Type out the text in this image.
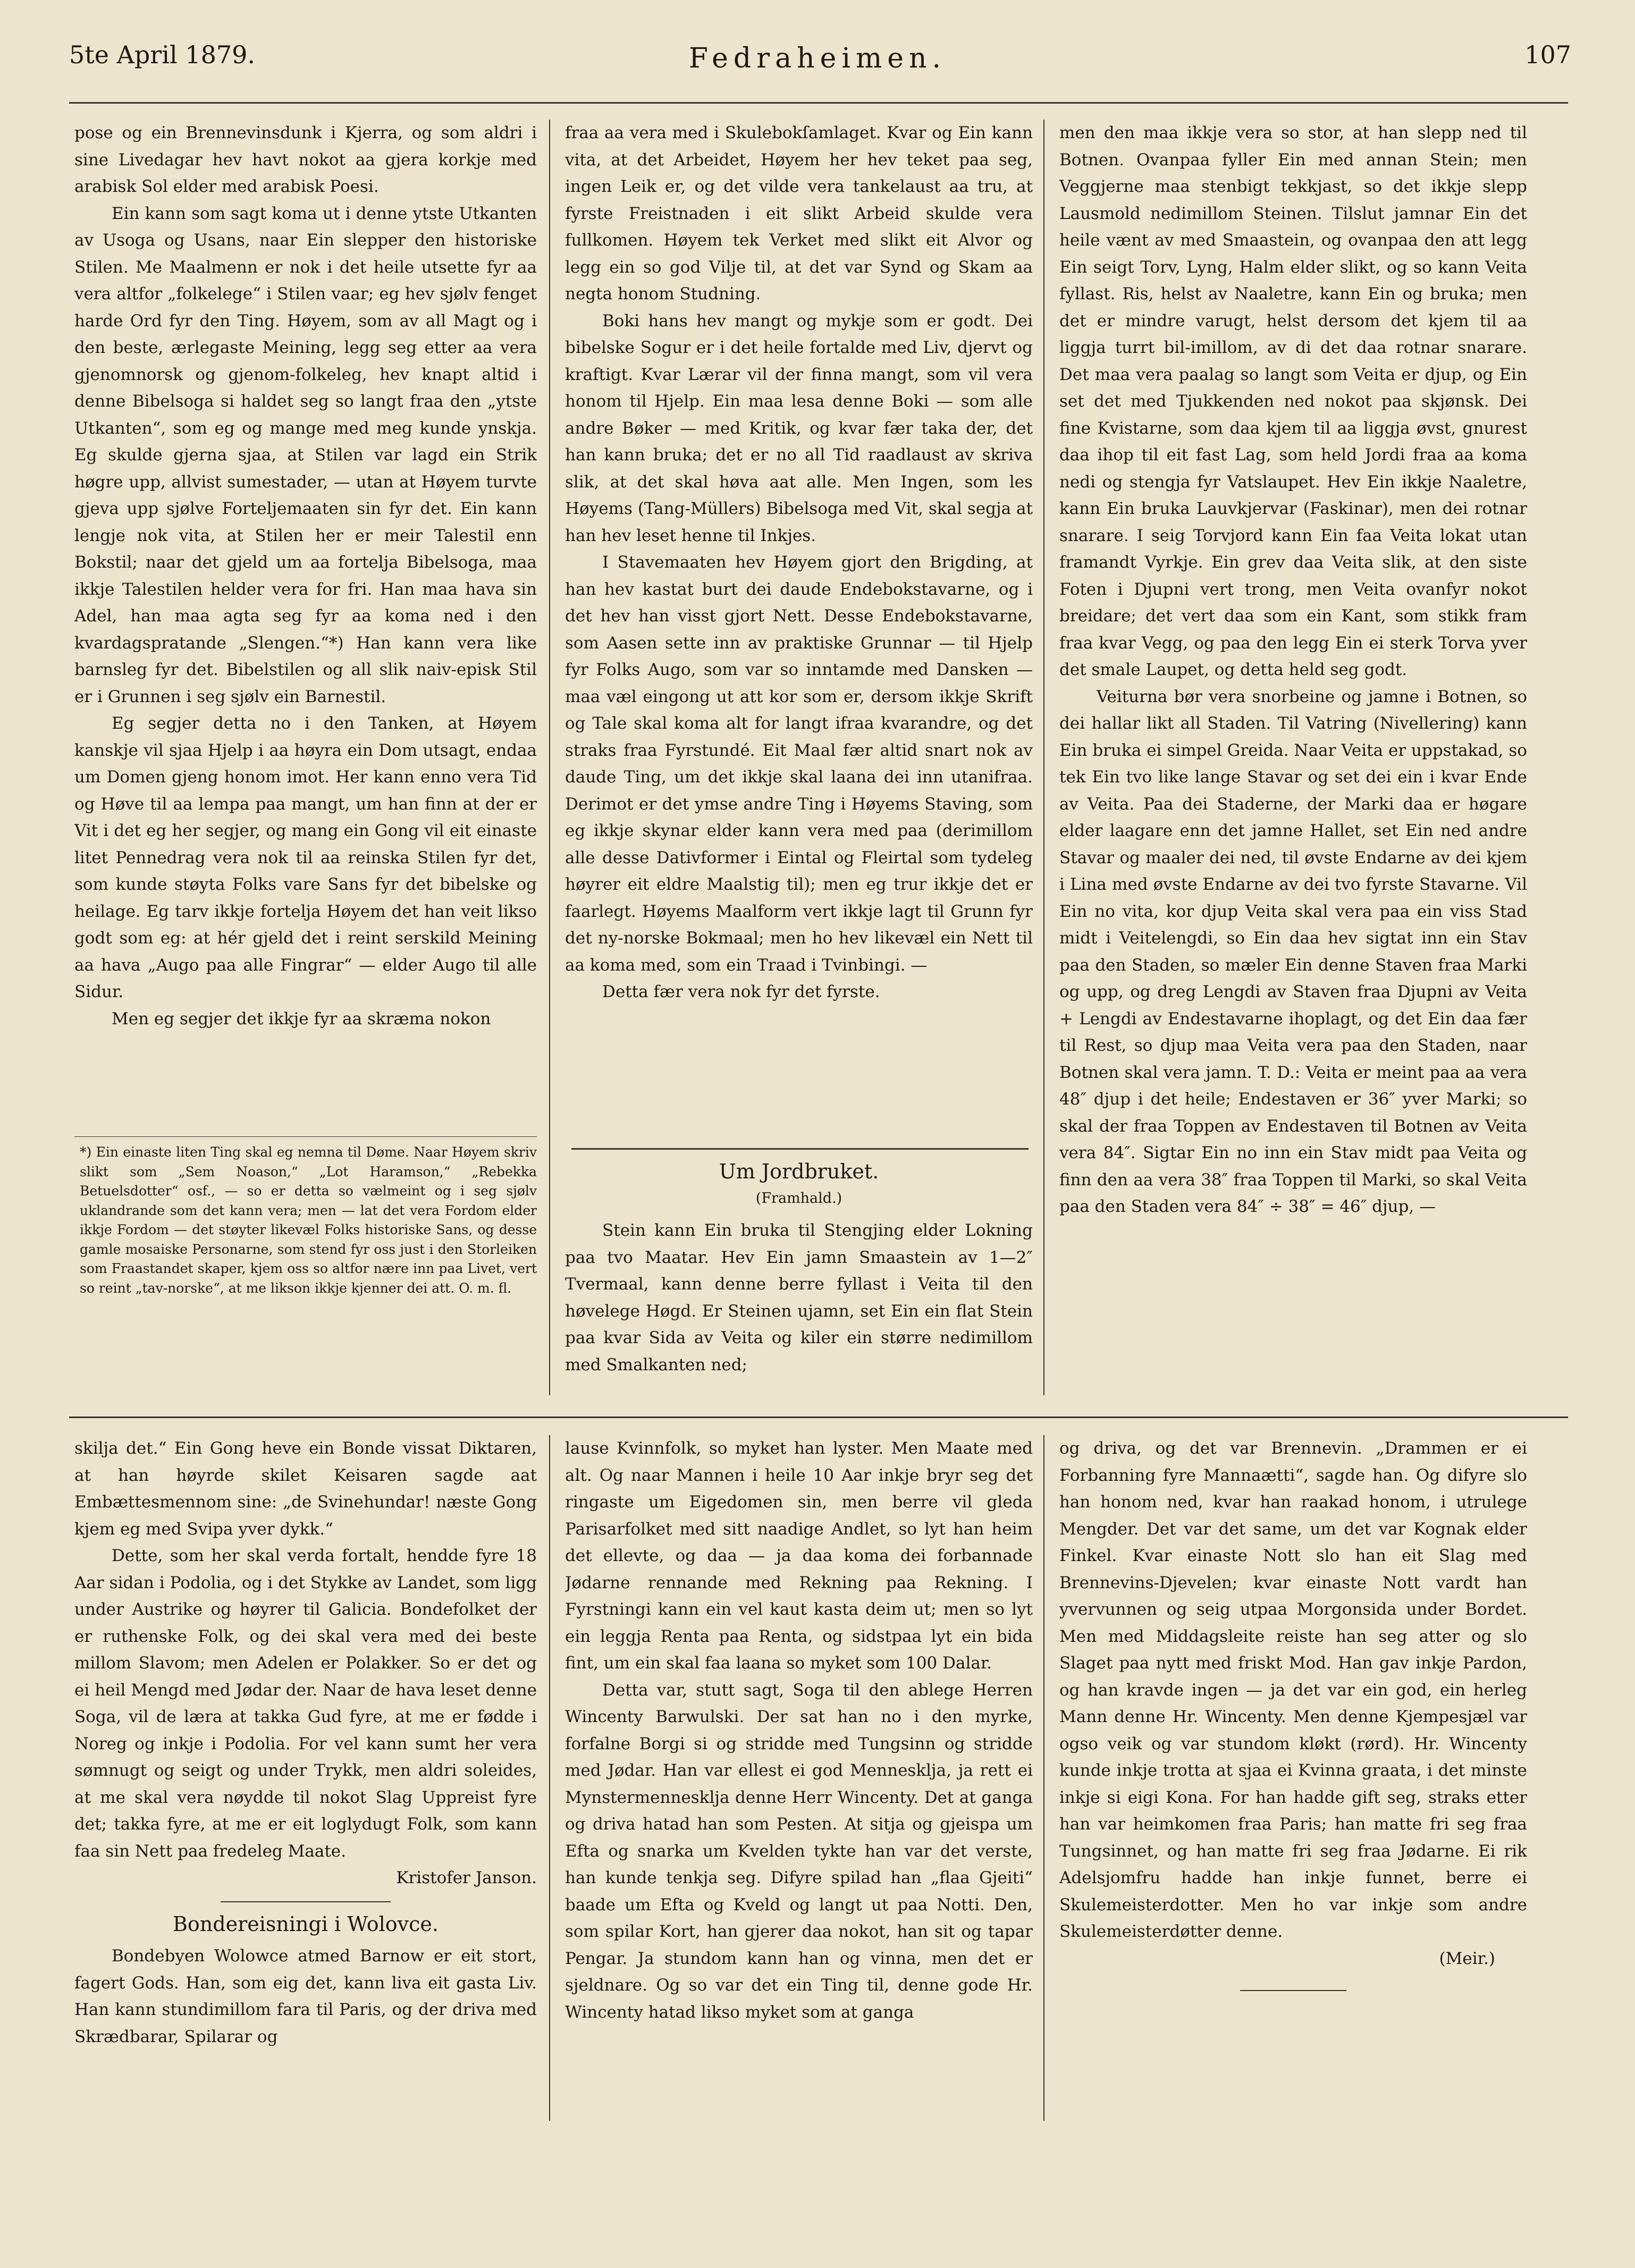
5te April 1879.	Fedraheimen.	107

pose og ein Brennevinsdunk i Kjerra, og som aldri i sine Livedagar hev havt nokot aa gjera korkje med arabisk Sol elder med arabisk Poesi.

Ein kann som sagt koma ut i denne ytste Utkanten av Usoga og Usans, naar Ein slepper den historiske Stilen. Me Maalmenn er nok i det heile utsette fyr aa vera altfor „folkelege“ i Stilen vaar; eg hev sjølv fenget harde Ord fyr den Ting. Høyem, som av all Magt og i den beste, ærlegaste Meining, legg seg etter aa vera gjenomnorsk og gjenom-folkeleg, hev knapt altid i denne Bibelsoga si haldet seg so langt fraa den „ytste Utkanten“, som eg og mange med meg kunde ynskja. Eg skulde gjerna sjaa, at Stilen var lagd ein Strik høgre upp, allvist sumestader, — utan at Høyem turvte gjeva upp sjølve Forteljemaaten sin fyr det. Ein kann lengje nok vita, at Stilen her er meir Talestil enn Bokstil; naar det gjeld um aa fortelja Bibelsoga, maa ikkje Talestilen helder vera for fri. Han maa hava sin Adel, han maa agta seg fyr aa koma ned i den kvardagspratande „Slengen.“*) Han kann vera like barnsleg fyr det. Bibelstilen og all slik naiv-episk Stil er i Grunnen i seg sjølv ein Barnestil.

Eg segjer detta no i den Tanken, at Høyem kanskje vil sjaa Hjelp i aa høyra ein Dom utsagt, endaa um Domen gjeng honom imot. Her kann enno vera Tid og Høve til aa lempa paa mangt, um han finn at der er Vit i det eg her segjer, og mang ein Gong vil eit einaste litet Pennedrag vera nok til aa reinska Stilen fyr det, som kunde støyta Folks vare Sans fyr det bibelske og heilage. Eg tarv ikkje fortelja Høyem det han veit likso godt som eg: at hér gjeld det i reint serskild Meining aa hava „Augo paa alle Fingrar“ — elder Augo til alle Sidur.

Men eg segjer det ikkje fyr aa skræma nokon

*) Ein einaste liten Ting skal eg nemna til Døme. Naar Høyem skriv slikt som „Sem Noason,“ „Lot Haramson,“ „Rebekka Betuelsdotter“ osf., — so er detta so vælmeint og i seg sjølv uklandrande som det kann vera; men — lat det vera Fordom elder ikkje Fordom — det støyter likevæl Folks historiske Sans, og desse gamle mosaiske Personarne, som stend fyr oss just i den Storleiken som Fraastandet skaper, kjem oss so altfor nære inn paa Livet, vert so reint „tav-norske“, at me likson ikkje kjenner dei att. O. m. fl.

fraa aa vera med i Skulebokſamlaget. Kvar og Ein kann vita, at det Arbeidet, Høyem her hev teket paa seg, ingen Leik er, og det vilde vera tankelaust aa tru, at fyrste Freistnaden i eit slikt Arbeid skulde vera fullkomen. Høyem tek Verket med slikt eit Alvor og legg ein so god Vilje til, at det var Synd og Skam aa negta honom Studning.

Boki hans hev mangt og mykje som er godt. Dei bibelske Sogur er i det heile fortalde med Liv, djervt og kraftigt. Kvar Lærar vil der finna mangt, som vil vera honom til Hjelp. Ein maa lesa denne Boki — som alle andre Bøker — med Kritik, og kvar fær taka der, det han kann bruka; det er no all Tid raadlaust av skriva slik, at det skal høva aat alle. Men Ingen, som les Høyems (Tang-Müllers) Bibelsoga med Vit, skal segja at han hev leset henne til Inkjes.

I Stavemaaten hev Høyem gjort den Brigding, at han hev kastat burt dei daude Endebokstavarne, og i det hev han visst gjort Nett. Desse Endebokstavarne, som Aasen sette inn av praktiske Grunnar — til Hjelp fyr Folks Augo, som var so inntamde med Dansken — maa væl eingong ut att kor som er, dersom ikkje Skrift og Tale skal koma alt for langt ifraa kvarandre, og det straks fraa Fyrstundé. Eit Maal fær altid snart nok av daude Ting, um det ikkje skal laana dei inn utanifraa. Derimot er det ymse andre Ting i Høyems Staving, som eg ikkje skynar elder kann vera med paa (derimillom alle desse Dativformer i Eintal og Fleirtal som tydeleg høyrer eit eldre Maalstig til); men eg trur ikkje det er faarlegt. Høyems Maalform vert ikkje lagt til Grunn fyr det ny-norske Bokmaal; men ho hev likevæl ein Nett til aa koma med, som ein Traad i Tvinbingi. —

Detta fær vera nok fyr det fyrste.

Um Jordbruket.
(Framhald.)

Stein kann Ein bruka til Stengjing elder Lokning paa tvo Maatar. Hev Ein jamn Smaastein av 1—2″ Tvermaal, kann denne berre fyllast i Veita til den høvelege Høgd. Er Steinen ujamn, set Ein ein flat Stein paa kvar Sida av Veita og kiler ein større nedimillom med Smalkanten ned;

men den maa ikkje vera so stor, at han slepp ned til Botnen. Ovanpaa fyller Ein med annan Stein; men Veggjerne maa stenbigt tekkjast, so det ikkje slepp Lausmold nedimillom Steinen. Tilslut jamnar Ein det heile vænt av med Smaastein, og ovanpaa den att legg Ein seigt Torv, Lyng, Halm elder slikt, og so kann Veita fyllast. Ris, helst av Naaletre, kann Ein og bruka; men det er mindre varugt, helst dersom det kjem til aa liggja turrt bil-imillom, av di det daa rotnar snarare. Det maa vera paalag so langt som Veita er djup, og Ein set det med Tjukkenden ned nokot paa skjønsk. Dei fine Kvistarne, som daa kjem til aa liggja øvst, gnurest daa ihop til eit fast Lag, som held Jordi fraa aa koma nedi og stengja fyr Vatslaupet. Hev Ein ikkje Naaletre, kann Ein bruka Lauvkjervar (Faskinar), men dei rotnar snarare. I seig Torvjord kann Ein faa Veita lokat utan framandt Vyrkje. Ein grev daa Veita slik, at den siste Foten i Djupni vert trong, men Veita ovanfyr nokot breidare; det vert daa som ein Kant, som stikk fram fraa kvar Vegg, og paa den legg Ein ei sterk Torva yver det smale Laupet, og detta held seg godt.

Veiturna bør vera snorbeine og jamne i Botnen, so dei hallar likt all Staden. Til Vatring (Nivellering) kann Ein bruka ei simpel Greida. Naar Veita er uppstakad, so tek Ein tvo like lange Stavar og set dei ein i kvar Ende av Veita. Paa dei Staderne, der Marki daa er høgare elder laagare enn det jamne Hallet, set Ein ned andre Stavar og maaler dei ned, til øvste Endarne av dei kjem i Lina med øvste Endarne av dei tvo fyrste Stavarne. Vil Ein no vita, kor djup Veita skal vera paa ein viss Stad midt i Veitelengdi, so Ein daa hev sigtat inn ein Stav paa den Staden, so mæler Ein denne Staven fraa Marki og upp, og dreg Lengdi av Staven fraa Djupni av Veita + Lengdi av Endestavarne ihoplagt, og det Ein daa fær til Rest, so djup maa Veita vera paa den Staden, naar Botnen skal vera jamn. T. D.: Veita er meint paa aa vera 48″ djup i det heile; Endestaven er 36″ yver Marki; so skal der fraa Toppen av Endestaven til Botnen av Veita vera 84″. Sigtar Ein no inn ein Stav midt paa Veita og finn den aa vera 38″ fraa Toppen til Marki, so skal Veita paa den Staden vera 84″ ÷ 38″ = 46″ djup, —

skilja det.“ Ein Gong heve ein Bonde vissat Diktaren, at han høyrde skilet Keisaren sagde aat Embættesmennom sine: „de Svinehundar! næste Gong kjem eg med Svipa yver dykk.“

Dette, som her skal verda fortalt, hendde fyre 18 Aar sidan i Podolia, og i det Stykke av Landet, som ligg under Austrike og høyrer til Galicia. Bondefolket der er ruthenske Folk, og dei skal vera med dei beste millom Slavom; men Adelen er Polakker. So er det og ei heil Mengd med Jødar der. Naar de hava leset denne Soga, vil de læra at takka Gud fyre, at me er fødde i Noreg og inkje i Podolia. For vel kann sumt her vera sømnugt og seigt og under Trykk, men aldri soleides, at me skal vera nøydde til nokot Slag Uppreist fyre det; takka fyre, at me er eit loglydugt Folk, som kann faa sin Nett paa fredeleg Maate.

Kristofer Janson.

Bondereisningi i Wolovce.

Bondebyen Wolowce atmed Barnow er eit stort, fagert Gods. Han, som eig det, kann liva eit gasta Liv. Han kann stundimillom fara til Paris, og der driva med Skrædbarar, Spilarar og

lause Kvinnfolk, so myket han lyster. Men Maate med alt. Og naar Mannen i heile 10 Aar inkje bryr seg det ringaste um Eigedomen sin, men berre vil gleda Parisarfolket med sitt naadige Andlet, so lyt han heim det ellevte, og daa — ja daa koma dei forbannade Jødarne rennande med Rekning paa Rekning. I Fyrstningi kann ein vel kaut kasta deim ut; men so lyt ein leggja Renta paa Renta, og sidstpaa lyt ein bida fint, um ein skal faa laana so myket som 100 Dalar.

Detta var, stutt sagt, Soga til den ablege Herren Wincenty Barwulski. Der sat han no i den myrke, forfalne Borgi si og stridde med Tungsinn og stridde med Jødar. Han var ellest ei god Mennesklja, ja rett ei Mynstermennesklja denne Herr Wincenty. Det at ganga og driva hatad han som Pesten. At sitja og gjeispa um Efta og snarka um Kvelden tykte han var det verste, han kunde tenkja seg. Difyre spilad han „flaa Gjeiti“ baade um Efta og Kveld og langt ut paa Notti. Den, som spilar Kort, han gjerer daa nokot, han sit og tapar Pengar. Ja stundom kann han og vinna, men det er sjeldnare. Og so var det ein Ting til, denne gode Hr. Wincenty hatad likso myket som at ganga

og driva, og det var Brennevin. „Drammen er ei Forbanning fyre Mannaætti“, sagde han. Og difyre slo han honom ned, kvar han raakad honom, i utrulege Mengder. Det var det same, um det var Kognak elder Finkel. Kvar einaste Nott slo han eit Slag med Brennevins-Djevelen; kvar einaste Nott vardt han yvervunnen og seig utpaa Morgonsida under Bordet. Men med Middagsleite reiste han seg atter og slo Slaget paa nytt med friskt Mod. Han gav inkje Pardon, og han kravde ingen — ja det var ein god, ein herleg Mann denne Hr. Wincenty. Men denne Kjempesjæl var ogso veik og var stundom kløkt (rørd). Hr. Wincenty kunde inkje trotta at sjaa ei Kvinna graata, i det minste inkje si eigi Kona. For han hadde gift seg, straks etter han var heimkomen fraa Paris; han matte fri seg fraa Tungsinnet, og han matte fri seg fraa Jødarne. Ei rik Adelsjomfru hadde han inkje funnet, berre ei Skulemeisterdotter. Men ho var inkje som andre Skulemeisterdøtter denne.

(Meir.)
